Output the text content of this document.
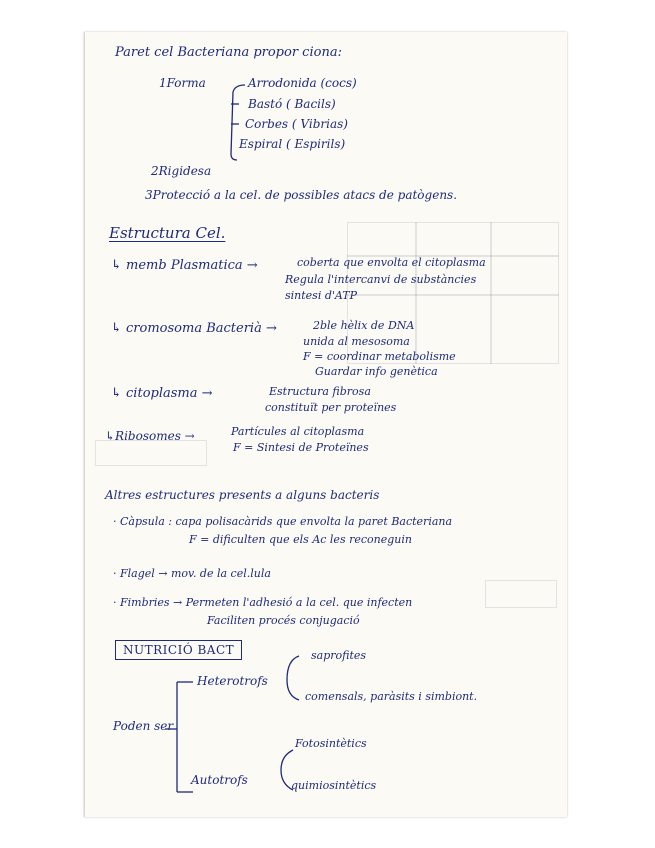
Paret cel Bacteriana propor ciona:
1Forma	Arrodonida (cocs)
Bastó ( Bacils)
Corbes ( Vibrias)
Espiral ( Espirils)
2Rigidesa
3Protecció a la cel. de possibles atacs de patògens.
Estructura Cel.
↳ memb Plasmatica →	coberta que envolta el citoplasma
Regula l'intercanvi de substàncies
sintesi d'ATP
↳ cromosoma Bacterià →	2ble hèlix de DNA
unida al mesosoma
F = coordinar metabolisme
Guardar info genètica
↳ citoplasma →	Estructura fibrosa
constituït per proteïnes
↳Ribosomes →	Partícules al citoplasma
F = Sintesi de Proteïnes
Altres estructures presents a alguns bacteris
· Càpsula : capa polisacàrids que envolta la paret Bacteriana
F = dificulten que els Ac les reconeguin
· Flagel → mov. de la cel.lula
· Fimbries → Permeten l'adhesió a la cel. que infecten
Faciliten procés conjugació
NUTRICIÓ BACT
Poden ser
Heterotrofs
saprofites
comensals, paràsits i simbiont.
Autotrofs
Fotosintètics
quimiosintètics
